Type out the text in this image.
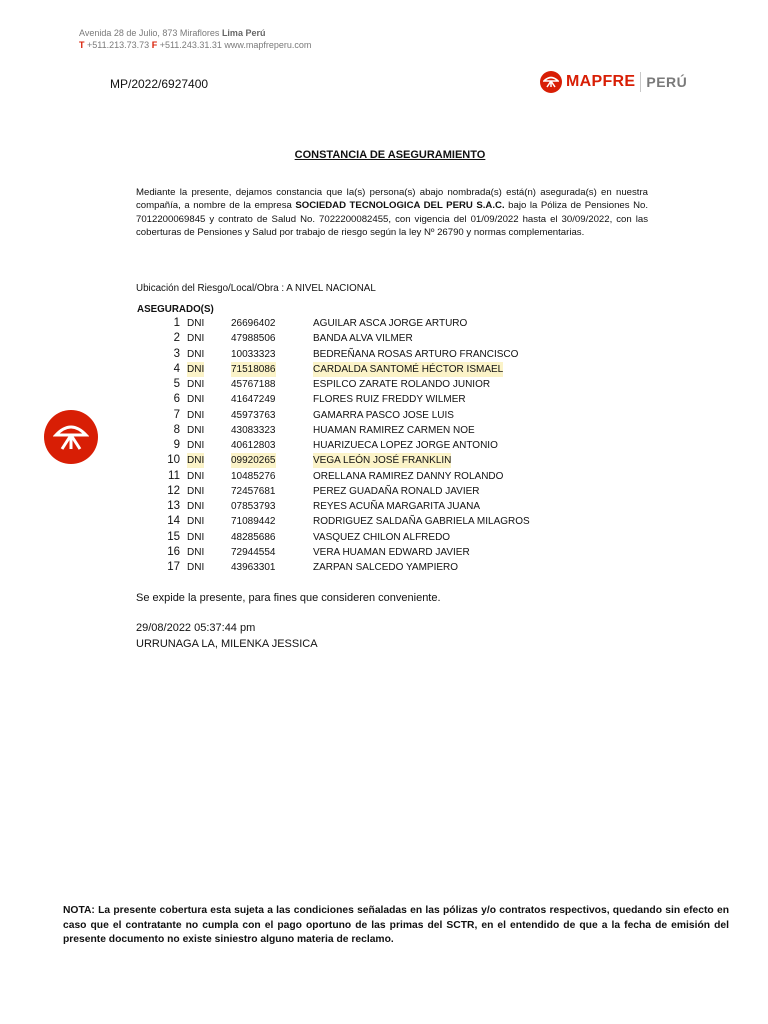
Avenida 28 de Julio, 873 Miraflores Lima Perú
T +511.213.73.73 F +511.243.31.31 www.mapfreperu.com
MP/2022/6927400	MAPFRE PERÚ
CONSTANCIA DE ASEGURAMIENTO
Mediante la presente, dejamos constancia que la(s) persona(s) abajo nombrada(s) está(n) asegurada(s) en nuestra compañía, a nombre de la empresa SOCIEDAD TECNOLOGICA DEL PERU S.A.C. bajo la Póliza de Pensiones No. 7012200069845 y contrato de Salud No. 7022200082455, con vigencia del 01/09/2022 hasta el 30/09/2022, con las coberturas de Pensiones y Salud por trabajo de riesgo según la ley Nº 26790 y normas complementarias.
Ubicación del Riesgo/Local/Obra : A NIVEL NACIONAL
ASEGURADO(S)
1 DNI	26696402	AGUILAR ASCA JORGE ARTURO
2 DNI	47988506	BANDA ALVA VILMER
3 DNI	10033323	BEDREÑANA ROSAS ARTURO FRANCISCO
4 DNI	71518086	CARDALDA SANTOMÉ HÉCTOR ISMAEL
5 DNI	45767188	ESPILCO ZARATE ROLANDO JUNIOR
6 DNI	41647249	FLORES RUIZ FREDDY WILMER
7 DNI	45973763	GAMARRA PASCO JOSE LUIS
8 DNI	43083323	HUAMAN RAMIREZ CARMEN NOE
9 DNI	40612803	HUARIZUECA LOPEZ JORGE ANTONIO
10 DNI	09920265	VEGA LEÓN JOSÉ FRANKLIN
11 DNI	10485276	ORELLANA RAMIREZ DANNY ROLANDO
12 DNI	72457681	PEREZ GUADAÑA RONALD JAVIER
13 DNI	07853793	REYES ACUÑA MARGARITA JUANA
14 DNI	71089442	RODRIGUEZ SALDAÑA GABRIELA MILAGROS
15 DNI	48285686	VASQUEZ CHILON ALFREDO
16 DNI	72944554	VERA HUAMAN EDWARD JAVIER
17 DNI	43963301	ZARPAN SALCEDO YAMPIERO
Se expide la presente, para fines que consideren conveniente.
29/08/2022 05:37:44 pm
URRUNAGA LA, MILENKA JESSICA
NOTA: La presente cobertura esta sujeta a las condiciones señaladas en las pólizas y/o contratos respectivos, quedando sin efecto en caso que el contratante no cumpla con el pago oportuno de las primas del SCTR, en el entendido de que a la fecha de emisión del presente documento no existe siniestro alguno materia de reclamo.
